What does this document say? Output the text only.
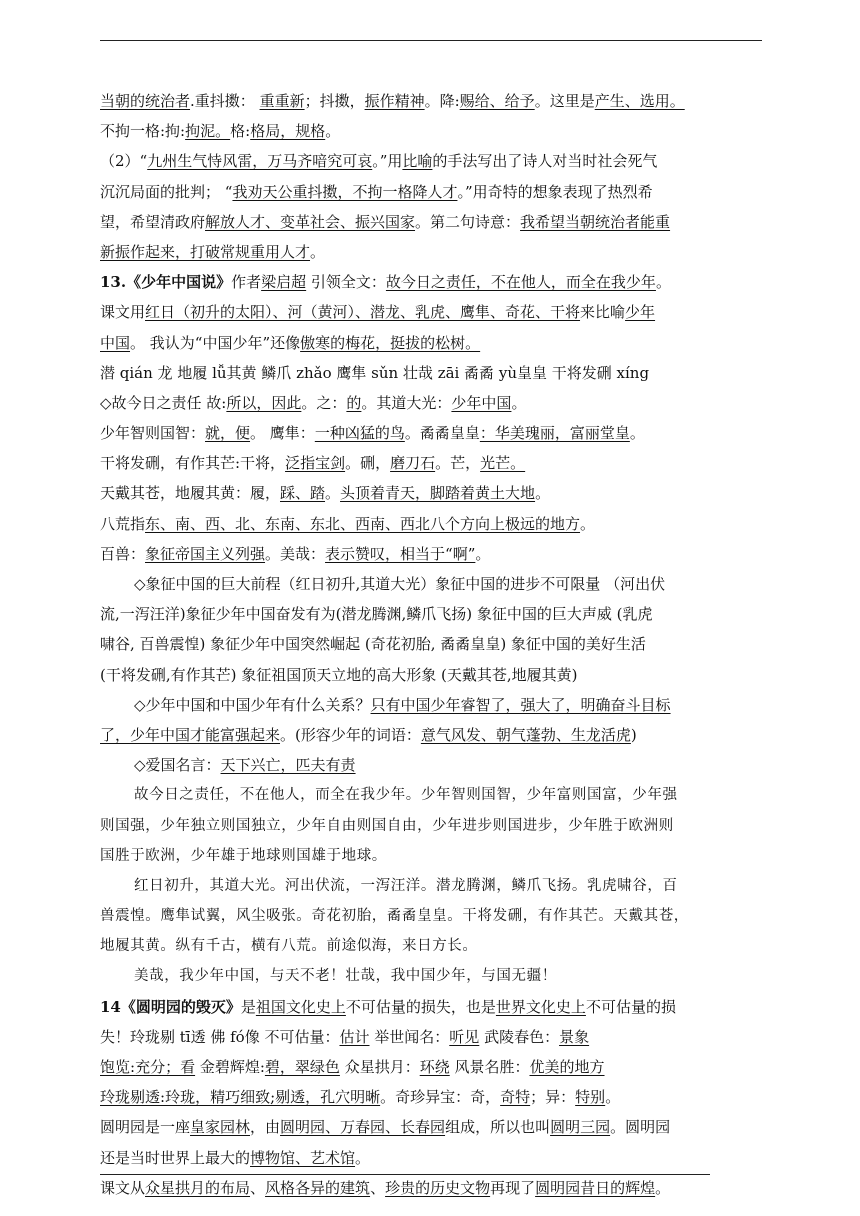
当朝的统治者.重抖擞： 重重新；抖擞，振作精神。降:赐给、给予。这里是产生、选用。
不拘一格:拘:拘泥。格:格局，规格。
（2）“九州生气恃风雷，万马齐喑究可哀。”用比喻的手法写出了诗人对当时社会死气
沉沉局面的批判； “我劝天公重抖擞，不拘一格降人才。”用奇特的想象表现了热烈希
望，希望清政府解放人才、变革社会、振兴国家。第二句诗意：我希望当朝统治者能重
新振作起来，打破常规重用人才。
13.《少年中国说》作者梁启超 引领全文：故今日之责任，不在他人，而全在我少年。
课文用红日（初升的太阳）、河（黄河）、潜龙、乳虎、鹰隼、奇花、干将来比喻少年
中国。 我认为“中国少年”还像傲寒的梅花，挺拔的松树。
潜 qián 龙 地履 lǚ其黄 鳞爪 zhǎo 鹰隼 sǔn 壮哉 zāi 矞矞 yù皇皇 干将发硎 xíng
◇故今日之责任 故:所以，因此。之：的。其道大光：少年中国。
少年智则国智：就，便。 鹰隼：一种凶猛的鸟。矞矞皇皇：华美瑰丽，富丽堂皇。
干将发硎，有作其芒:干将，泛指宝剑。硎，磨刀石。芒，光芒。
天戴其苍，地履其黄：履，踩、踏。头顶着青天，脚踏着黄土大地。
八荒指东、南、西、北、东南、东北、西南、西北八个方向上极远的地方。
百兽：象征帝国主义列强。美哉：表示赞叹，相当于“啊”。
◇象征中国的巨大前程（红日初升,其道大光）象征中国的进步不可限量 （河出伏
流,一泻汪洋)象征少年中国奋发有为(潜龙腾渊,鳞爪飞扬) 象征中国的巨大声威 (乳虎
啸谷, 百兽震惶) 象征少年中国突然崛起 (奇花初胎, 矞矞皇皇) 象征中国的美好生活
(干将发硎,有作其芒) 象征祖国顶天立地的高大形象 (天戴其苍,地履其黄)
◇少年中国和中国少年有什么关系？只有中国少年睿智了，强大了，明确奋斗目标
了，少年中国才能富强起来。(形容少年的词语：意气风发、朝气蓬勃、生龙活虎)
◇爱国名言：天下兴亡，匹夫有责
故今日之责任，不在他人，而全在我少年。少年智则国智，少年富则国富，少年强
则国强，少年独立则国独立，少年自由则国自由，少年进步则国进步，少年胜于欧洲则
国胜于欧洲，少年雄于地球则国雄于地球。
红日初升，其道大光。河出伏流，一泻汪洋。潜龙腾渊，鳞爪飞扬。乳虎啸谷，百
兽震惶。鹰隼试翼，风尘吸张。奇花初胎，矞矞皇皇。干将发硎，有作其芒。天戴其苍，
地履其黄。纵有千古，横有八荒。前途似海，来日方长。
美哉，我少年中国，与天不老！壮哉，我中国少年，与国无疆！
14《圆明园的毁灭》是祖国文化史上不可估量的损失，也是世界文化史上不可估量的损
失！玲珑剔 tī透 佛 fó像 不可估量：估计 举世闻名：听见 武陵春色：景象
饱览:充分；看 金碧辉煌:碧，翠绿色 众星拱月：环绕 风景名胜：优美的地方
玲珑剔透:玲珑，精巧细致;剔透，孔穴明晰。奇珍异宝：奇，奇特；异：特别。
圆明园是一座皇家园林，由圆明园、万春园、长春园组成，所以也叫圆明三园。圆明园
还是当时世界上最大的博物馆、艺术馆。
课文从众星拱月的布局、风格各异的建筑、珍贵的历史文物再现了圆明园昔日的辉煌。
